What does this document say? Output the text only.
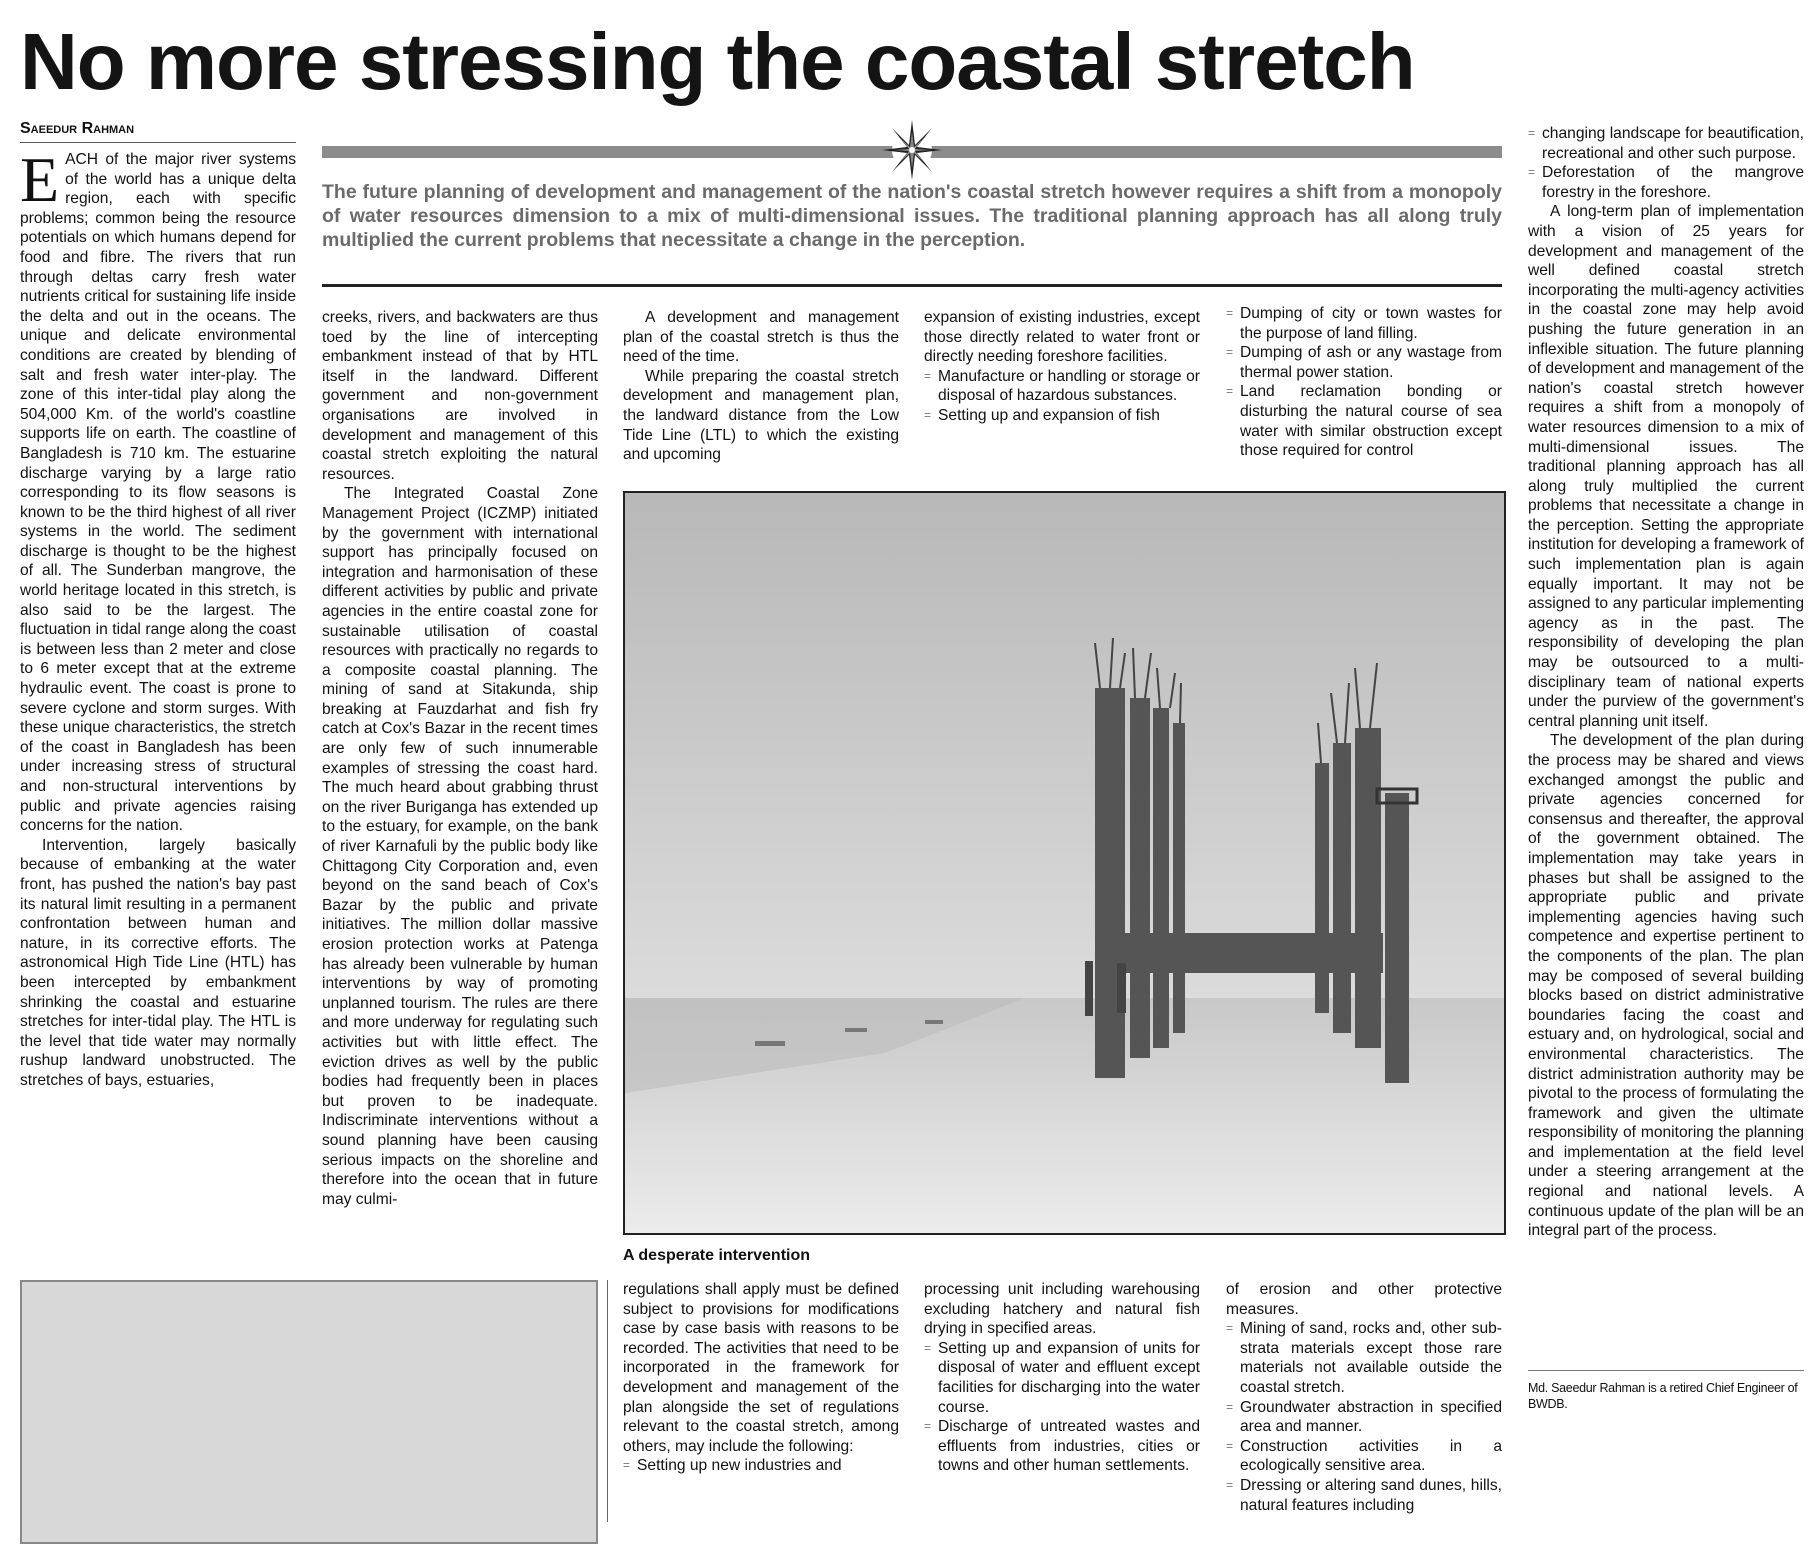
No more stressing the coastal stretch
Saeedur Rahman

EACH of the major river systems of the world has a unique delta region, each with specific problems; common being the resource potentials on which humans depend for food and fibre. The rivers that run through deltas carry fresh water nutrients critical for sustaining life inside the delta and out in the oceans. The unique and delicate environmental conditions are created by blending of salt and fresh water inter-play. The zone of this inter-tidal play along the 504,000 Km. of the world's coastline supports life on earth. The coastline of Bangladesh is 710 km. The estuarine discharge varying by a large ratio corresponding to its flow seasons is known to be the third highest of all river systems in the world. The sediment discharge is thought to be the highest of all. The Sunderban mangrove, the world heritage located in this stretch, is also said to be the largest. The fluctuation in tidal range along the coast is between less than 2 meter and close to 6 meter except that at the extreme hydraulic event. The coast is prone to severe cyclone and storm surges. With these unique characteristics, the stretch of the coast in Bangladesh has been under increasing stress of structural and non-structural interventions by public and private agencies raising concerns for the nation.

Intervention, largely basically because of embanking at the water front, has pushed the nation's bay past its natural limit resulting in a permanent confrontation between human and nature, in its corrective efforts. The astronomical High Tide Line (HTL) has been intercepted by embankment shrinking the coastal and estuarine stretches for inter-tidal play. The HTL is the level that tide water may normally rushup landward unobstructed. The stretches of bays, estuaries,

The future planning of development and management of the nation's coastal stretch however requires a shift from a monopoly of water resources dimension to a mix of multi-dimensional issues. The traditional planning approach has all along truly multiplied the current problems that necessitate a change in the perception.

creeks, rivers, and backwaters are thus toed by the line of intercepting embankment instead of that by HTL itself in the landward. Different government and non-government organisations are involved in development and management of this coastal stretch exploiting the natural resources.

The Integrated Coastal Zone Management Project (ICZMP) initiated by the government with international support has principally focused on integration and harmonisation of these different activities by public and private agencies in the entire coastal zone for sustainable utilisation of coastal resources with practically no regards to a composite coastal planning. The mining of sand at Sitakunda, ship breaking at Fauzdarhat and fish fry catch at Cox's Bazar in the recent times are only few of such innumerable examples of stressing the coast hard. The much heard about grabbing thrust on the river Buriganga has extended up to the estuary, for example, on the bank of river Karnafuli by the public body like Chittagong City Corporation and, even beyond on the sand beach of Cox's Bazar by the public and private initiatives. The million dollar massive erosion protection works at Patenga has already been vulnerable by human interventions by way of promoting unplanned tourism. The rules are there and more underway for regulating such activities but with little effect. The eviction drives as well by the public bodies had frequently been in places but proven to be inadequate. Indiscriminate interventions without a sound planning have been causing serious impacts on the shoreline and therefore into the ocean that in future may culmi-

A development and management plan of the coastal stretch is thus the need of the time.

While preparing the coastal stretch development and management plan, the landward distance from the Low Tide Line (LTL) to which the existing and upcoming

expansion of existing industries, except those directly related to water front or directly needing foreshore facilities.

= Manufacture or handling or storage or disposal of hazardous substances.
= Setting up and expansion of fish
= Dumping of city or town wastes for the purpose of land filling.
= Dumping of ash or any wastage from thermal power station.
= Land reclamation bonding or disturbing the natural course of sea water with similar obstruction except those required for control
A desperate intervention

regulations shall apply must be defined subject to provisions for modifications case by case basis with reasons to be recorded. The activities that need to be incorporated in the framework for development and management of the plan alongside the set of regulations relevant to the coastal stretch, among others, may include the following:

= Setting up new industries and

processing unit including warehousing excluding hatchery and natural fish drying in specified areas.

= Setting up and expansion of units for disposal of water and effluent except facilities for discharging into the water course.
= Discharge of untreated wastes and effluents from industries, cities or towns and other human settlements.

of erosion and other protective measures.

= Mining of sand, rocks and, other sub-strata materials except those rare materials not available outside the coastal stretch.
= Groundwater abstraction in specified area and manner.
= Construction activities in a ecologically sensitive area.
= Dressing or altering sand dunes, hills, natural features including
= changing landscape for beautification, recreational and other such purpose.
= Deforestation of the mangrove forestry in the foreshore.

A long-term plan of implementation with a vision of 25 years for development and management of the well defined coastal stretch incorporating the multi-agency activities in the coastal zone may help avoid pushing the future generation in an inflexible situation. The future planning of development and management of the nation's coastal stretch however requires a shift from a monopoly of water resources dimension to a mix of multi-dimensional issues. The traditional planning approach has all along truly multiplied the current problems that necessitate a change in the perception. Setting the appropriate institution for developing a framework of such implementation plan is again equally important. It may not be assigned to any particular implementing agency as in the past. The responsibility of developing the plan may be outsourced to a multi-disciplinary team of national experts under the purview of the government's central planning unit itself.

The development of the plan during the process may be shared and views exchanged amongst the public and private agencies concerned for consensus and thereafter, the approval of the government obtained. The implementation may take years in phases but shall be assigned to the appropriate public and private implementing agencies having such competence and expertise pertinent to the components of the plan. The plan may be composed of several building blocks based on district administrative boundaries facing the coast and estuary and, on hydrological, social and environmental characteristics. The district administration authority may be pivotal to the process of formulating the framework and given the ultimate responsibility of monitoring the planning and implementation at the field level under a steering arrangement at the regional and national levels. A continuous update of the plan will be an integral part of the process.

Md. Saeedur Rahman is a retired Chief Engineer of BWDB.
